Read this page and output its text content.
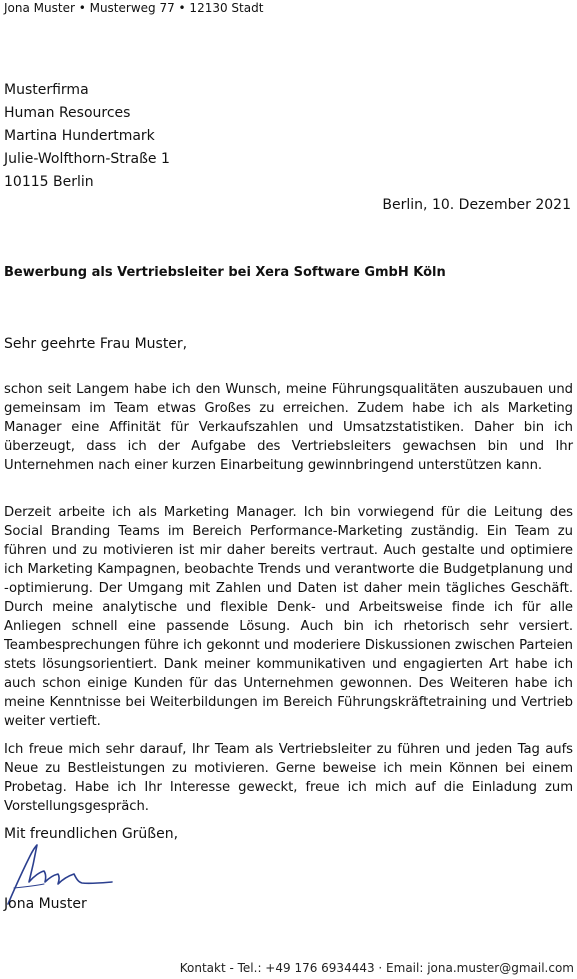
Jona Muster • Musterweg 77 • 12130 Stadt
Musterfirma
Human Resources
Martina Hundertmark
Julie-Wolfthorn-Straße 1
10115 Berlin
Berlin, 10. Dezember 2021
Bewerbung als Vertriebsleiter bei Xera Software GmbH Köln
Sehr geehrte Frau Muster,
schon seit Langem habe ich den Wunsch, meine Führungsqualitäten auszubauen und gemeinsam im Team etwas Großes zu erreichen. Zudem habe ich als Marketing Manager eine Affinität für Verkaufszahlen und Umsatzstatistiken. Daher bin ich überzeugt, dass ich der Aufgabe des Vertriebsleiters gewachsen bin und Ihr Unternehmen nach einer kurzen Einarbeitung gewinnbringend unterstützen kann.
Derzeit arbeite ich als Marketing Manager. Ich bin vorwiegend für die Leitung des Social Branding Teams im Bereich Performance-Marketing zuständig. Ein Team zu führen und zu motivieren ist mir daher bereits vertraut. Auch gestalte und optimiere ich Marketing Kampagnen, beobachte Trends und verantworte die Budgetplanung und -optimierung. Der Umgang mit Zahlen und Daten ist daher mein tägliches Geschäft. Durch meine analytische und flexible Denk- und Arbeitsweise finde ich für alle Anliegen schnell eine passende Lösung. Auch bin ich rhetorisch sehr versiert. Teambesprechungen führe ich gekonnt und moderiere Diskussionen zwischen Parteien stets lösungsorientiert. Dank meiner kommunikativen und engagierten Art habe ich auch schon einige Kunden für das Unternehmen gewonnen. Des Weiteren habe ich meine Kenntnisse bei Weiterbildungen im Bereich Führungskräftetraining und Vertrieb weiter vertieft.
Ich freue mich sehr darauf, Ihr Team als Vertriebsleiter zu führen und jeden Tag aufs Neue zu Bestleistungen zu motivieren. Gerne beweise ich mein Können bei einem Probetag. Habe ich Ihr Interesse geweckt, freue ich mich auf die Einladung zum Vorstellungsgespräch.
Mit freundlichen Grüßen,
Jona Muster
Kontakt - Tel.: +49 176 6934443 · Email: jona.muster@gmail.com
